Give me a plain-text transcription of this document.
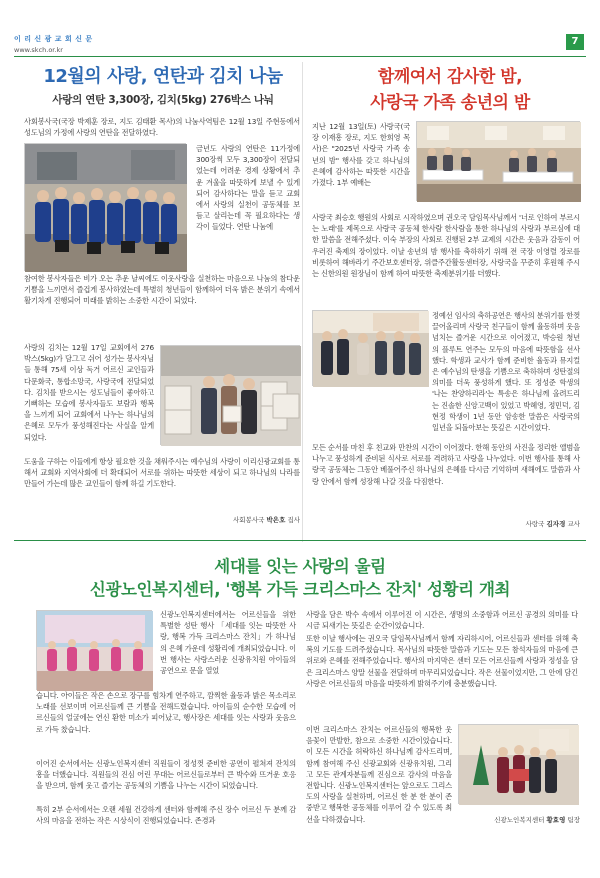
이 리 신 광 교 회 신 문
www.skch.or.kr
7
12월의 사랑, 연탄과 김치 나눔
사랑의 연탄 3,300장, 김치(5kg) 276박스 나눠
사회봉사국(국장 박제훈 장로, 지도 김태환 목사)의 나눔사역팀은 12월 13일 주현동에서 성도님의 가정에 사랑의 연탄을 전달하였다.
금년도 사랑의 연탄은 11가정에 300장씩 모두 3,300장이 전달되었는데 어려운 경제 상황에서 추운 겨울을 따뜻하게 보낼 수 있게 되어 감사하다는 말을 듣고 교회에서 사랑의 실천이 공동체를 보듬고 살리는데 꼭 필요하다는 생각이 들었다. 연탄 나눔에
참여한 봉사자들은 비가 오는 추운 날씨에도 이웃사랑을 실천하는 마음으로 나눔의 참다운 기쁨을 느끼면서 즐겁게 봉사하였는데 특별히 청년들이 함께하여 더욱 밝은 분위기 속에서 활기차게 진행되어 미래를 밝히는 소중한 시간이 되었다.
사랑의 김치는 12월 17일 교회에서 276박스(5kg)가 담그고 쉬어 성가는 봉사자님들 통해 75세 이상 독거 어르신 교인들과 다문화국, 통합소망국, 사랑국에 전달되었다. 김치를 받으시는 성도님들이 좋아하고 기뻐하는 모습에 봉사자들도 보람과 행복을 느끼게 되어 교회에서 나누는 하나님의 은혜로 모두가 풍성해진다는 사실을 알게 되었다.
도움을 구하는 이들에게 항상 필요한 것을 채워주시는 예수님의 사랑이 이리신광교회를 통해서 교회와 지역사회에 더 확대되어 서로를 위하는 따뜻한 세상이 되고 하나님의 나라를 만들어 가는데 많은 교인들이 함께 하길 기도한다.
사회봉사국 박은호 집사
함께여서 감사한 밤,
사랑국 가족 송년의 밤
지난 12월 13일(토) 사랑국(국장 이재흥 장로, 지도 한희영 목사)은 "2025년 사랑국 가족 송년의 밤" 행사를 갖고 하나님의 은혜에 감사하는 따뜻한 시간을 가졌다. 1부 예배는
사랑국 최승호 행원의 사회로 시작하였으며 권오국 담임목사님께서 '너로 인하여 부르시는 노래'를 제목으로 사랑국 공동체 한사람 한사람을 통한 하나님의 사랑과 부르심에 대한 말씀을 전해주셨다. 이숙 부장의 사회로 진행된 2부 교제의 시간은 웃음과 감동이 어우러진 축제의 장이었다. 이날 송년의 밤 행사를 축하하기 위해 전 국장 이영렬 장로를 비롯하여 해바라기 주간보호센터장, 위클주간활동센터장, 사랑국을 꾸준히 후원해 주시는 신한의원 원장님이 함께 하여 따뜻한 축제분위기를 더했다.
정예선 임사의 축하공연은 행사의 분위기를 한껏 끌어올리며 사랑국 친구들이 함께 율동하며 웃음 넘치는 즐거운 시간으로 이어졌고, 박승원 청년의 플루트 연주는 모두의 마음에 따뜻함을 선사했다. 학생과 교사가 함께 준비한 율동과 뮤지컬은 예수님의 탄생을 기쁨으로 축하하며 성탄절의 의미를 더욱 풍성하게 했다. 또 정성준 학생의 '나는 찬양하리라'는 특송은 하나님께 올려드리는 진솔한 신앙고백이 있었고 박혜영, 정민덕, 김현정 학생이 1년 동안 암송한 말씀은 사랑국의 일년을 되돌아보는 뜻깊은 시간이었다.
모든 순서를 마친 후 친교와 만찬의 시간이 이어졌다. 한해 동안의 사진을 정리한 앨범을 나누고 풍성하게 준비된 식사로 서로를 격려하고 사랑을 나누었다. 이번 행사를 통해 사랑국 공동체는 그동안 베풀어주신 하나님의 은혜를 다시금 기억하며 새해에도 말씀과 사랑 안에서 함께 성장해 나갈 것을 다짐한다.
사랑국 김자경 교사
세대를 잇는 사랑의 울림
신광노인복지센터, '행복 가득 크리스마스 잔치' 성황리 개최
신광노인복지센터에서는 어르신들을 위한 특별한 성탄 행사 「세대를 잇는 따뜻한 사랑, 행복 가득 크리스마스 잔치」가 하나님의 은혜 가운데 성황리에 개최되었습니다. 이번 행사는 사랑스러운 신광유치원 아이들의 공연으로 문을 열었
습니다. 아이들은 작은 손으로 장구를 힘차게 연주하고, 깜찍한 율동과 밝은 목소리로 노래를 선보이며 어르신들께 큰 기쁨을 전해드렸습니다. 아이들의 순수한 모습에 어르신들의 얼굴에는 연신 환한 미소가 피어났고, 행사장은 세대를 잇는 사랑과 웃음으로 가득 찼습니다.
이어진 순서에서는 신광노인복지센터 직원들이 정성껏 준비한 공연이 펼쳐져 잔치의 흥을 더했습니다. 직원들의 진심 어린 무대는 어르신들로부터 큰 박수와 뜨거운 호응을 받으며, 함께 웃고 즐기는 공동체의 기쁨을 나누는 시간이 되었습니다.
특히 2부 순서에서는 오랜 세월 건강하게 센터와 함께해 주신 장수 어르신 두 분께 감사의 마음을 전하는 작은 시상식이 진행되었습니다. 존경과
사랑을 담은 박수 속에서 이루어진 이 시간은, 생명의 소중함과 어르신 공경의 의미를 다시금 되새기는 뜻깊은 순간이었습니다.
또한 이날 행사에는 권오국 담임목사님께서 함께 자리하시어, 어르신들과 센터를 위해 축복의 기도를 드려주셨습니다. 목사님의 따뜻한 말씀과 기도는 모든 참석자들의 마음에 큰 위로와 은혜를 전해주었습니다. 행사의 마지막은 센터 모든 어르신들께 사랑과 정성을 담은 크리스마스 양말 선물을 전달하며 마무리되었습니다. 작은 선물이었지만, 그 안에 담긴 사랑은 어르신들의 마음을 따뜻하게 밝혀주기에 충분했습니다.
이번 크리스마스 잔치는 어르신들의 행복한 웃음꽃이 만발한, 참으로 소중한 시간이었습니다. 이 모든 시간을 허락하신 하나님께 감사드리며, 함께 참여해 주신 신광교회와 신광유치원, 그리고 모든 관계자분들께 진심으로 감사의 마음을 전합니다. 신광노인복지센터는 앞으로도 그리스도의 사랑을 실천하며, 어르신 한 분 한 분이 존중받고 행복한 공동체를 이루어 갈 수 있도록 최선을 다하겠습니다.	신광노인복지센터 황효영 팀장
